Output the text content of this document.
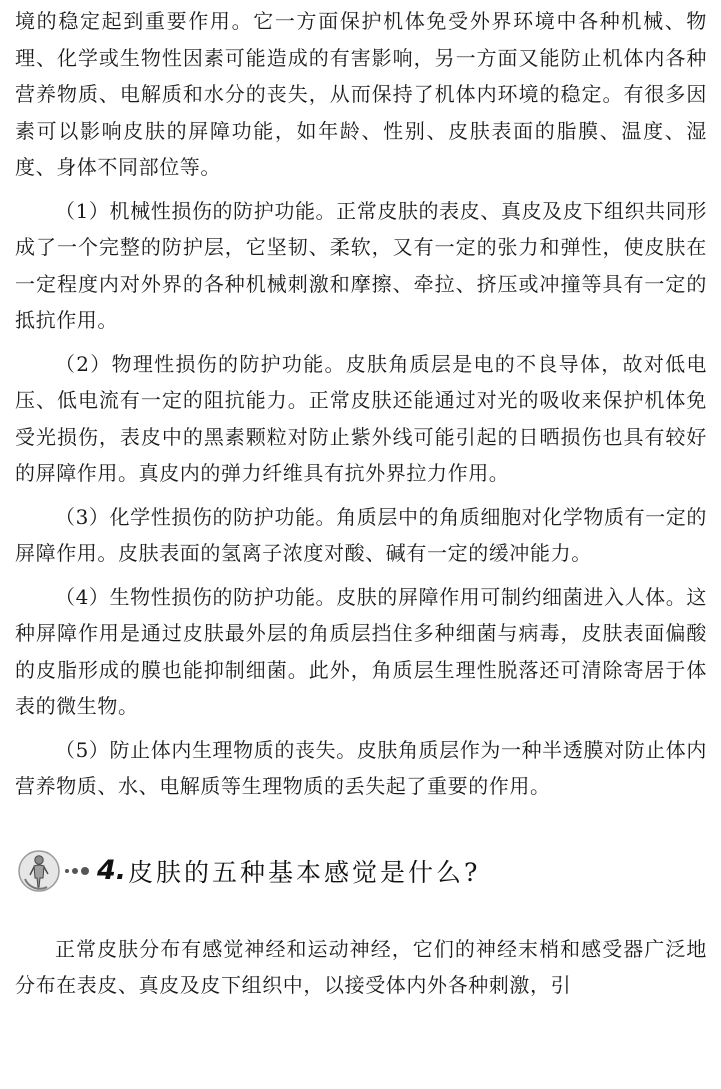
境的稳定起到重要作用。它一方面保护机体免受外界环境中各种机械、物理、化学或生物性因素可能造成的有害影响，另一方面又能防止机体内各种营养物质、电解质和水分的丧失，从而保持了机体内环境的稳定。有很多因素可以影响皮肤的屏障功能，如年龄、性别、皮肤表面的脂膜、温度、湿度、身体不同部位等。

（1）机械性损伤的防护功能。正常皮肤的表皮、真皮及皮下组织共同形成了一个完整的防护层，它坚韧、柔软，又有一定的张力和弹性，使皮肤在一定程度内对外界的各种机械刺激和摩擦、牵拉、挤压或冲撞等具有一定的抵抗作用。

（2）物理性损伤的防护功能。皮肤角质层是电的不良导体，故对低电压、低电流有一定的阻抗能力。正常皮肤还能通过对光的吸收来保护机体免受光损伤，表皮中的黑素颗粒对防止紫外线可能引起的日晒损伤也具有较好的屏障作用。真皮内的弹力纤维具有抗外界拉力作用。

（3）化学性损伤的防护功能。角质层中的角质细胞对化学物质有一定的屏障作用。皮肤表面的氢离子浓度对酸、碱有一定的缓冲能力。

（4）生物性损伤的防护功能。皮肤的屏障作用可制约细菌进入人体。这种屏障作用是通过皮肤最外层的角质层挡住多种细菌与病毒，皮肤表面偏酸的皮脂形成的膜也能抑制细菌。此外，角质层生理性脱落还可清除寄居于体表的微生物。

（5）防止体内生理物质的丧失。皮肤角质层作为一种半透膜对防止体内营养物质、水、电解质等生理物质的丢失起了重要的作用。

4. 皮肤的五种基本感觉是什么?

正常皮肤分布有感觉神经和运动神经，它们的神经末梢和感受器广泛地分布在表皮、真皮及皮下组织中，以接受体内外各种刺激，引
